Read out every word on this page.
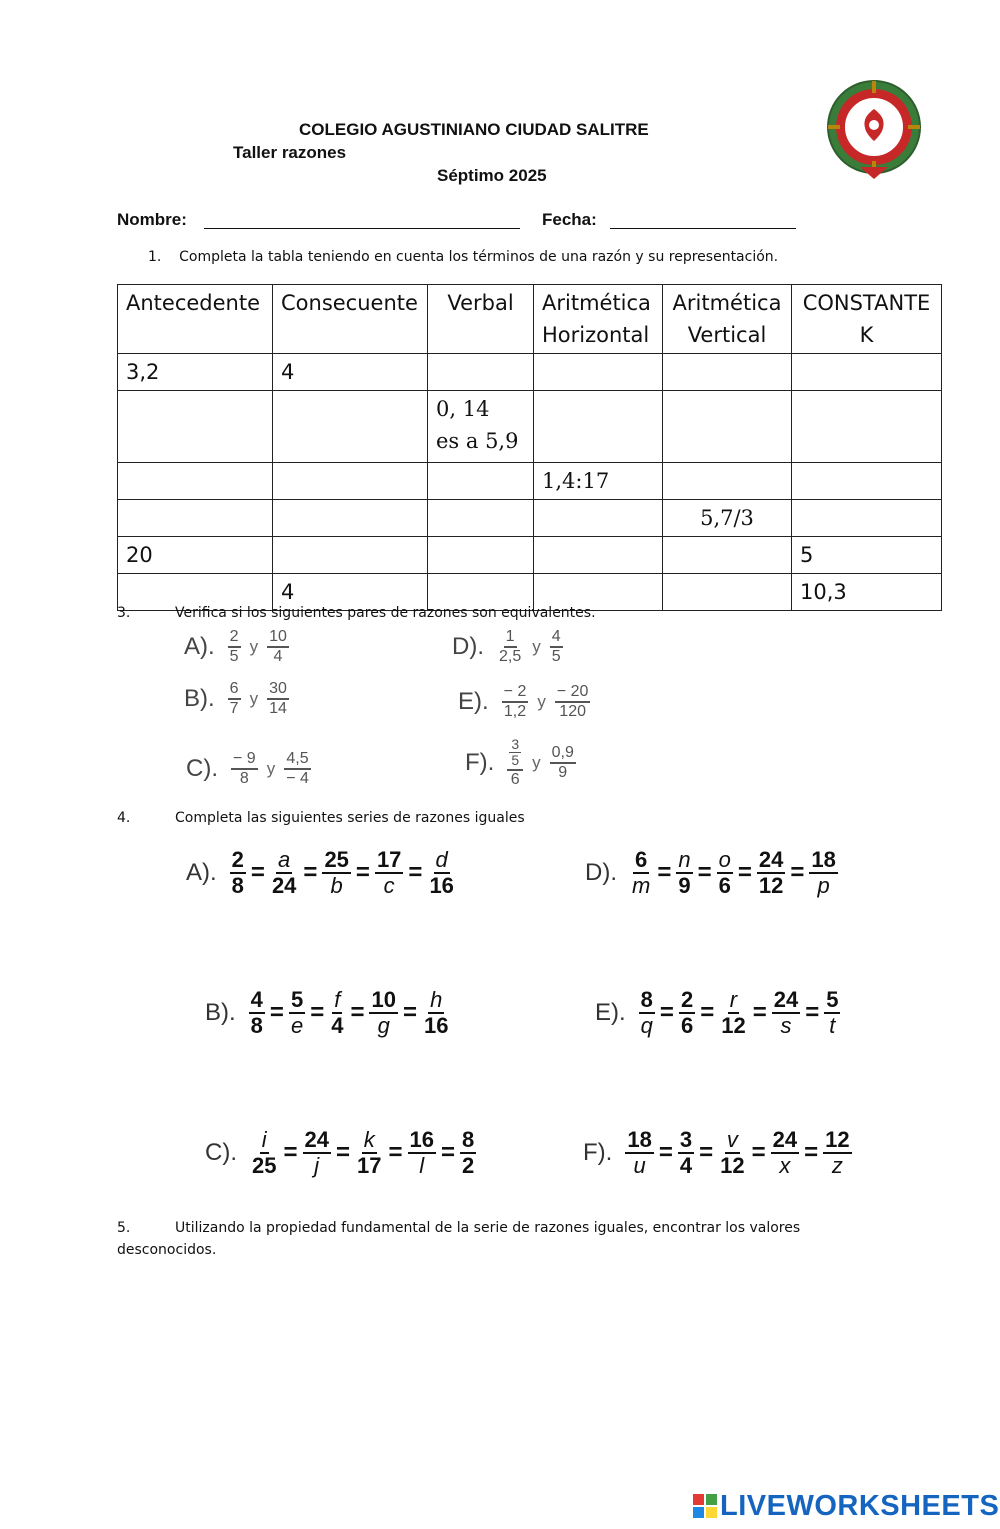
COLEGIO AGUSTINIANO CIUDAD SALITRE
Taller razones
Séptimo 2025
Nombre:	Fecha:
1.    Completa la tabla teniendo en cuenta los términos de una razón y su representación.
Antecedente	Consecuente	Verbal	Aritmética Horizontal	Aritmética Vertical	CONSTANTE K
3,2	4				
		0, 14  es a 5,9			
			1,4:17		
				5,7/3	
20					5
	4				10,3
3.	Verifica si los siguientes pares de razones son equivalentes.
A). $\frac{2}{5}$ y $\frac{10}{4}$
B). $\frac{6}{7}$ y $\frac{30}{14}$
C). $\frac{- 9}{8}$ y $\frac{4,5}{- 4}$
D). $\frac{1}{2,5}$ y $\frac{4}{5}$
E). $\frac{- 2}{1,2}$ y $\frac{- 20}{120}$
F). $\frac{3}{5}$
6
y $\frac{0,9}{9}$
4.	Completa las siguientes series de razones iguales
A). $\frac{2}{8} = \frac{a}{24} = \frac{25}{b} = \frac{17}{c} = \frac{d}{16}$
B). $\frac{4}{8} = \frac{5}{e} = \frac{f}{4} = \frac{10}{g} = \frac{h}{16}$
C). $\frac{i}{25} = \frac{24}{j} = \frac{k}{17} = \frac{16}{l} = \frac{8}{2}$
D). $\frac{6}{m} = \frac{n}{9} = \frac{o}{6} = \frac{24}{12} = \frac{18}{p}$
E). $\frac{8}{q} = \frac{2}{6} = \frac{r}{12} = \frac{24}{s} = \frac{5}{t}$
F). $\frac{18}{u} = \frac{3}{4} = \frac{v}{12} = \frac{24}{x} = \frac{12}{z}$
5.	Utilizando la propiedad fundamental de la serie de razones iguales, encontrar los valores
desconocidos.
LIVEWORKSHEETS
